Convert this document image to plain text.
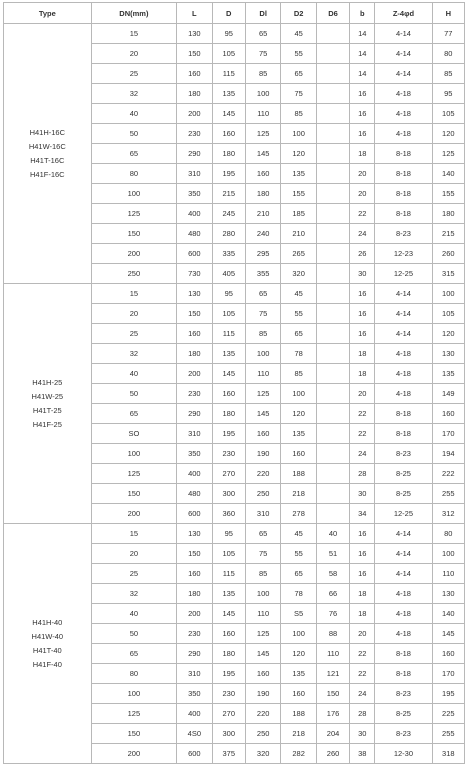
Type	DN(mm)	L	D	Dl	D2	D6	b	Z-4φd	H

H41H-16C
H41W-16C
H41T-16C
H41F-16C	15	130	95	65	45		14	4-14	77
	20	150	105	75	55		14	4-14	80
	25	160	115	85	65		14	4-14	85
	32	180	135	100	75		16	4-18	95
	40	200	145	110	85		16	4-18	105
	50	230	160	125	100		16	4-18	120
	65	290	180	145	120		18	8-18	125
	80	310	195	160	135		20	8-18	140
	100	350	215	180	155		20	8-18	155
	125	400	245	210	185		22	8-18	180
	150	480	280	240	210		24	8-23	215
	200	600	335	295	265		26	12-23	260
	250	730	405	355	320		30	12-25	315

H41H-25
H41W-25
H41T-25
H41F-25	15	130	95	65	45		16	4-14	100
	20	150	105	75	55		16	4-14	105
	25	160	115	85	65		16	4-14	120
	32	180	135	100	78		18	4-18	130
	40	200	145	110	85		18	4-18	135
	50	230	160	125	100		20	4-18	149
	65	290	180	145	120		22	8-18	160
	SO	310	195	160	135		22	8-18	170
	100	350	230	190	160		24	8-23	194
	125	400	270	220	188		28	8-25	222
	150	480	300	250	218		30	8-25	255
	200	600	360	310	278		34	12-25	312

H41H-40
H41W-40
H41T-40
H41F-40	15	130	95	65	45	40	16	4-14	80
	20	150	105	75	55	51	16	4-14	100
	25	160	115	85	65	58	16	4-14	110
	32	180	135	100	78	66	18	4-18	130
	40	200	145	110	S5	76	18	4-18	140
	50	230	160	125	100	88	20	4-18	145
	65	290	180	145	120	110	22	8-18	160
	80	310	195	160	135	121	22	8-18	170
	100	350	230	190	160	150	24	8-23	195
	125	400	270	220	188	176	28	8-25	225
	150	4S0	300	250	218	204	30	8-23	255
	200	600	375	320	282	260	38	12-30	318
